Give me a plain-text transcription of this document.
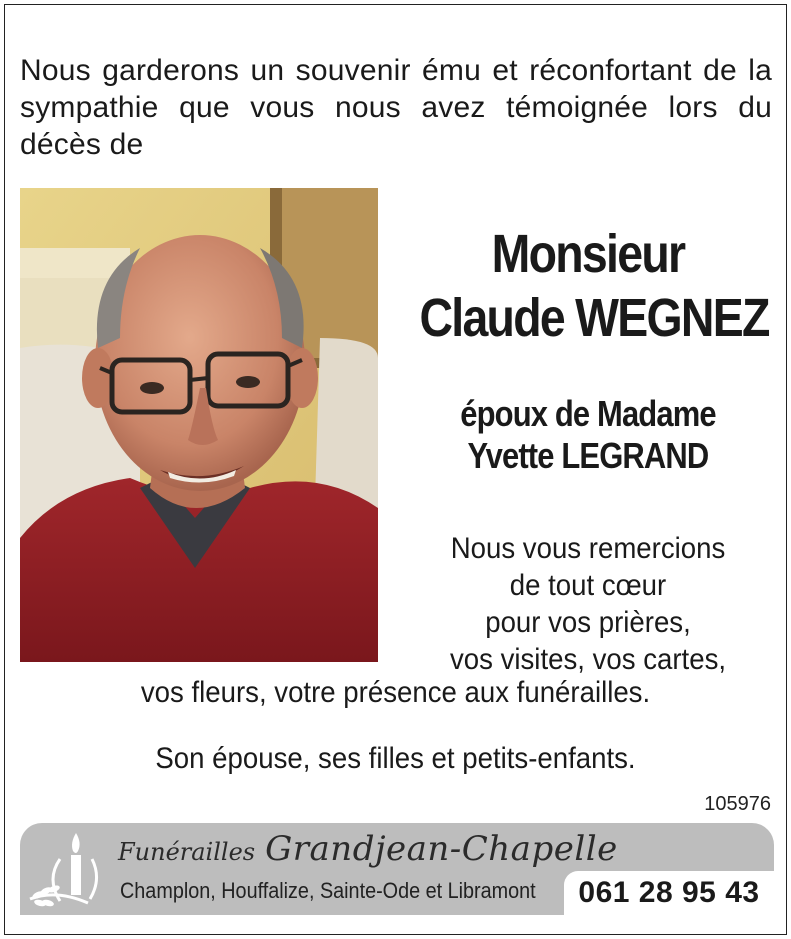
Nous garderons un souvenir ému et réconfortant de la sympathie que vous nous avez témoignée lors du décès de

Monsieur
Claude WEGNEZ
époux de Madame
Yvette LEGRAND
Nous vous remercions
de tout cœur
pour vos prières,
vos visites, vos cartes,
vos fleurs, votre présence aux funérailles.
Son épouse, ses filles et petits-enfants.
105976
Funérailles Grandjean-Chapelle
Champlon, Houffalize, Sainte-Ode et Libramont	061 28 95 43
